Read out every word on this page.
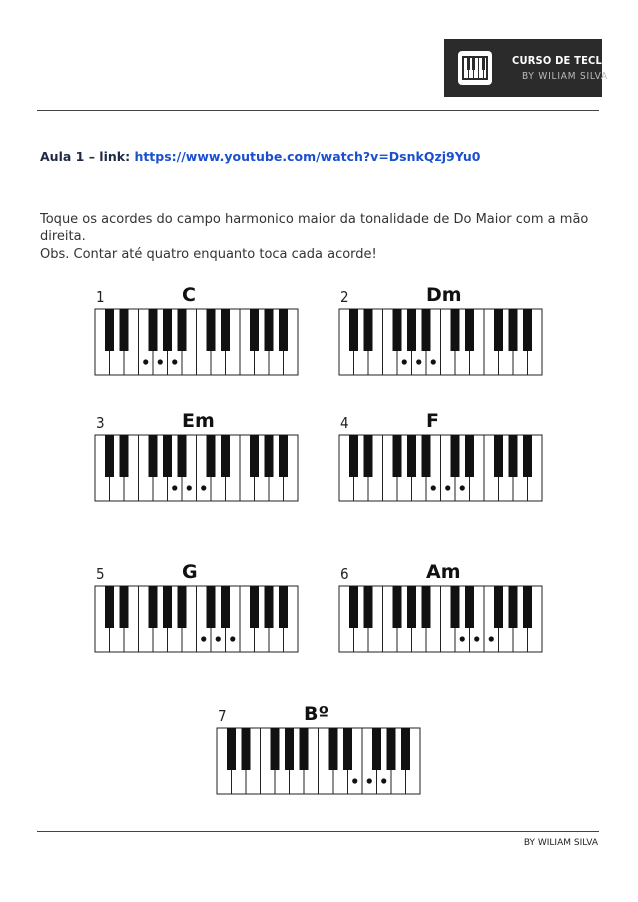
CURSO DE TECLADO
BY WILIAM SILVA
Aula 1 – link: https://www.youtube.com/watch?v=DsnkQzj9Yu0
Toque os acordes do campo harmonico maior da tonalidade de Do Maior com a mão direita.
Obs. Contar até quatro enquanto toca cada acorde!
1	C	2	Dm
3	Em	4	F
5	G	6	Am
7	Bº
BY WILIAM SILVA
